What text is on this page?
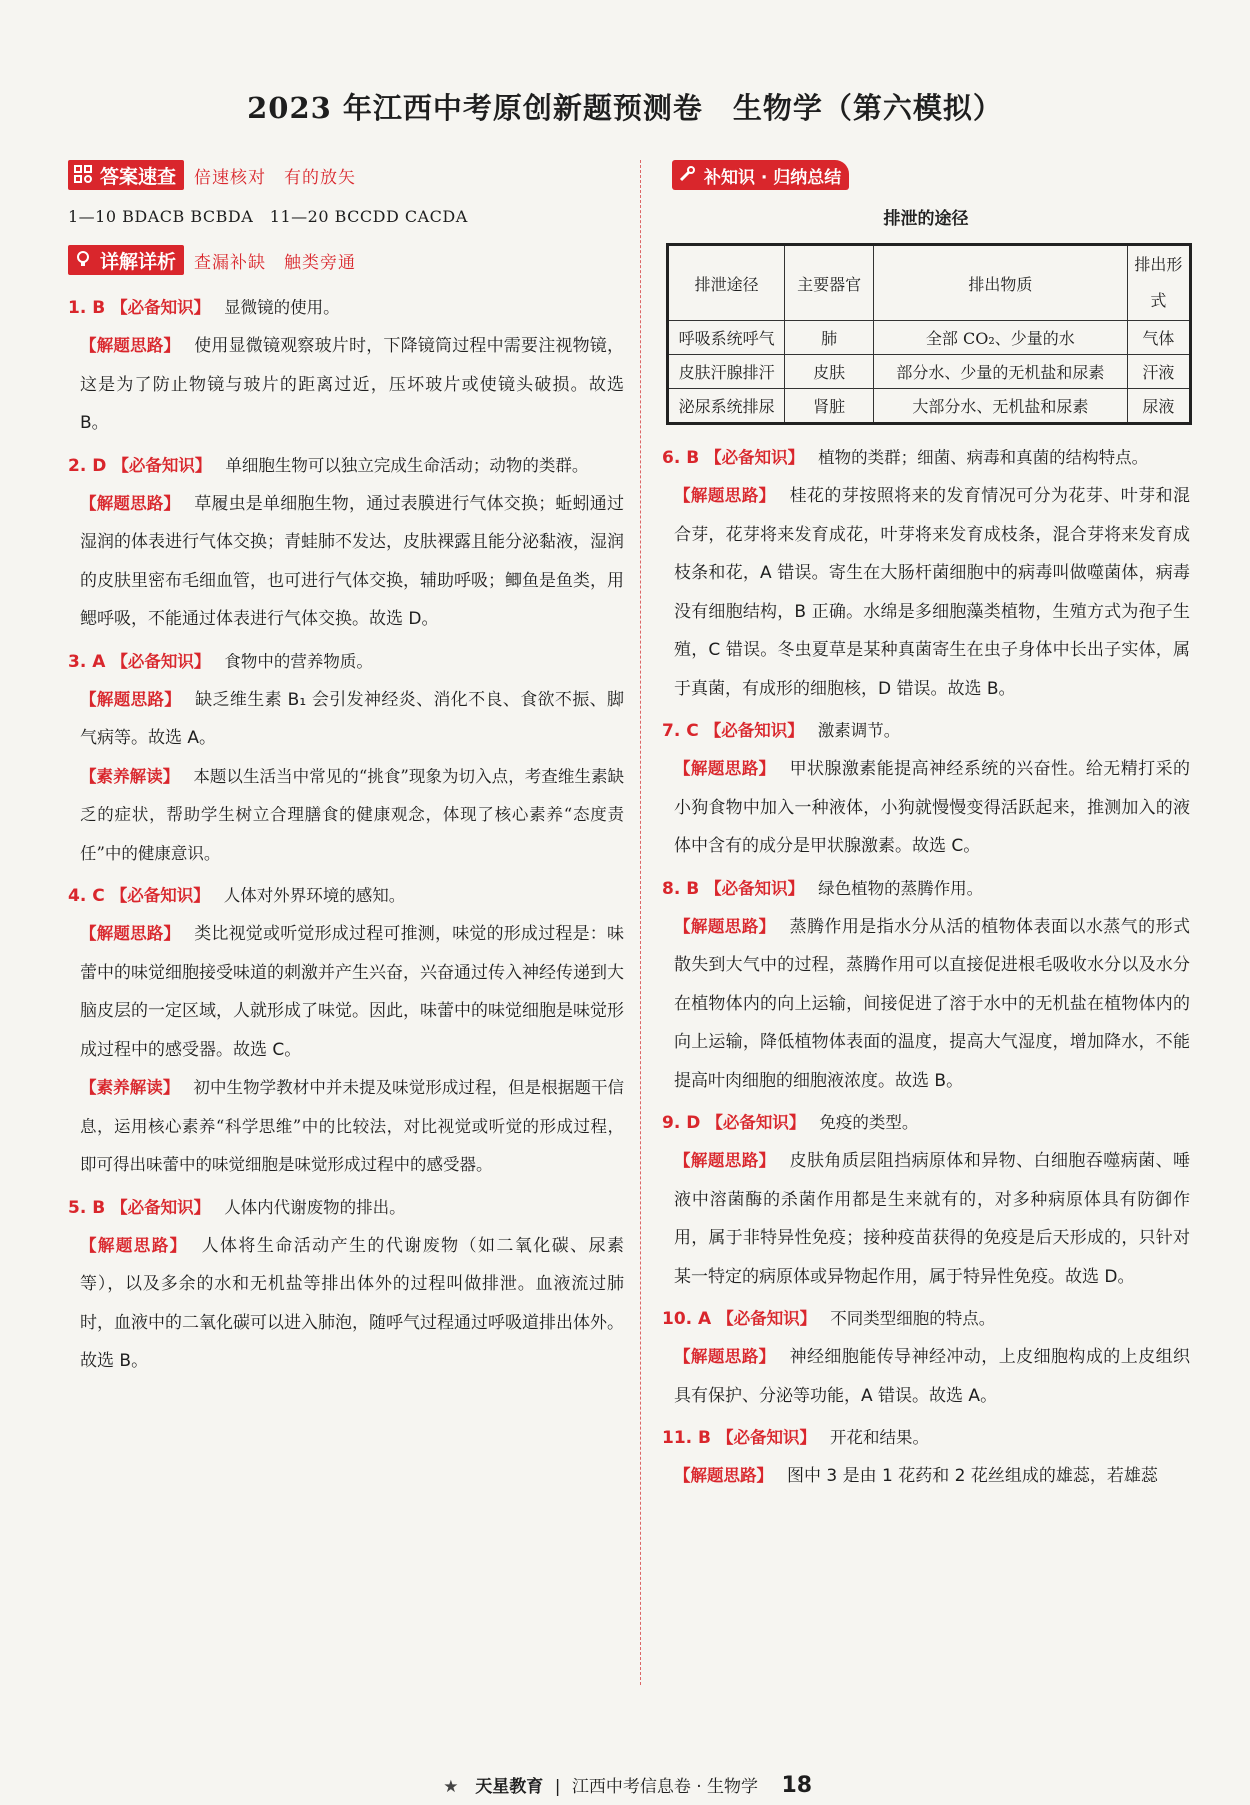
2023 年江西中考原创新题预测卷　生物学（第六模拟）
答案速查 倍速核对　有的放矢
1—10 BDACB BCBDA　11—20 BCCDD CACDA
详解详析 查漏补缺　触类旁通
1. B 【必备知识】 显微镜的使用。
【解题思路】 使用显微镜观察玻片时，下降镜筒过程中需要注视物镜，这是为了防止物镜与玻片的距离过近，压坏玻片或使镜头破损。故选 B。
2. D 【必备知识】 单细胞生物可以独立完成生命活动；动物的类群。
【解题思路】 草履虫是单细胞生物，通过表膜进行气体交换；蚯蚓通过湿润的体表进行气体交换；青蛙肺不发达，皮肤裸露且能分泌黏液，湿润的皮肤里密布毛细血管，也可进行气体交换，辅助呼吸；鲫鱼是鱼类，用鳃呼吸，不能通过体表进行气体交换。故选 D。
3. A 【必备知识】 食物中的营养物质。
【解题思路】 缺乏维生素 B₁ 会引发神经炎、消化不良、食欲不振、脚气病等。故选 A。
【素养解读】 本题以生活当中常见的“挑食”现象为切入点，考查维生素缺乏的症状，帮助学生树立合理膳食的健康观念，体现了核心素养“态度责任”中的健康意识。
4. C 【必备知识】 人体对外界环境的感知。
【解题思路】 类比视觉或听觉形成过程可推测，味觉的形成过程是：味蕾中的味觉细胞接受味道的刺激并产生兴奋，兴奋通过传入神经传递到大脑皮层的一定区域，人就形成了味觉。因此，味蕾中的味觉细胞是味觉形成过程中的感受器。故选 C。
【素养解读】 初中生物学教材中并未提及味觉形成过程，但是根据题干信息，运用核心素养“科学思维”中的比较法，对比视觉或听觉的形成过程，即可得出味蕾中的味觉细胞是味觉形成过程中的感受器。
5. B 【必备知识】 人体内代谢废物的排出。
【解题思路】 人体将生命活动产生的代谢废物（如二氧化碳、尿素等），以及多余的水和无机盐等排出体外的过程叫做排泄。血液流过肺时，血液中的二氧化碳可以进入肺泡，随呼气过程通过呼吸道排出体外。故选 B。
补知识 · 归纳总结
排泄的途径
排泄途径	主要器官	排出物质	排出形式
呼吸系统呼气	肺	全部 CO₂、少量的水	气体
皮肤汗腺排汗	皮肤	部分水、少量的无机盐和尿素	汗液
泌尿系统排尿	肾脏	大部分水、无机盐和尿素	尿液
6. B 【必备知识】 植物的类群；细菌、病毒和真菌的结构特点。
【解题思路】 桂花的芽按照将来的发育情况可分为花芽、叶芽和混合芽，花芽将来发育成花，叶芽将来发育成枝条，混合芽将来发育成枝条和花，A 错误。寄生在大肠杆菌细胞中的病毒叫做噬菌体，病毒没有细胞结构，B 正确。水绵是多细胞藻类植物，生殖方式为孢子生殖，C 错误。冬虫夏草是某种真菌寄生在虫子身体中长出子实体，属于真菌，有成形的细胞核，D 错误。故选 B。
7. C 【必备知识】 激素调节。
【解题思路】 甲状腺激素能提高神经系统的兴奋性。给无精打采的小狗食物中加入一种液体，小狗就慢慢变得活跃起来，推测加入的液体中含有的成分是甲状腺激素。故选 C。
8. B 【必备知识】 绿色植物的蒸腾作用。
【解题思路】 蒸腾作用是指水分从活的植物体表面以水蒸气的形式散失到大气中的过程，蒸腾作用可以直接促进根毛吸收水分以及水分在植物体内的向上运输，间接促进了溶于水中的无机盐在植物体内的向上运输，降低植物体表面的温度，提高大气湿度，增加降水，不能提高叶肉细胞的细胞液浓度。故选 B。
9. D 【必备知识】 免疫的类型。
【解题思路】 皮肤角质层阻挡病原体和异物、白细胞吞噬病菌、唾液中溶菌酶的杀菌作用都是生来就有的，对多种病原体具有防御作用，属于非特异性免疫；接种疫苗获得的免疫是后天形成的，只针对某一特定的病原体或异物起作用，属于特异性免疫。故选 D。
10. A 【必备知识】 不同类型细胞的特点。
【解题思路】 神经细胞能传导神经冲动，上皮细胞构成的上皮组织具有保护、分泌等功能，A 错误。故选 A。
11. B 【必备知识】 开花和结果。
【解题思路】 图中 3 是由 1 花药和 2 花丝组成的雄蕊，若雄蕊
★ 天星教育 | 江西中考信息卷 · 生物学 18
